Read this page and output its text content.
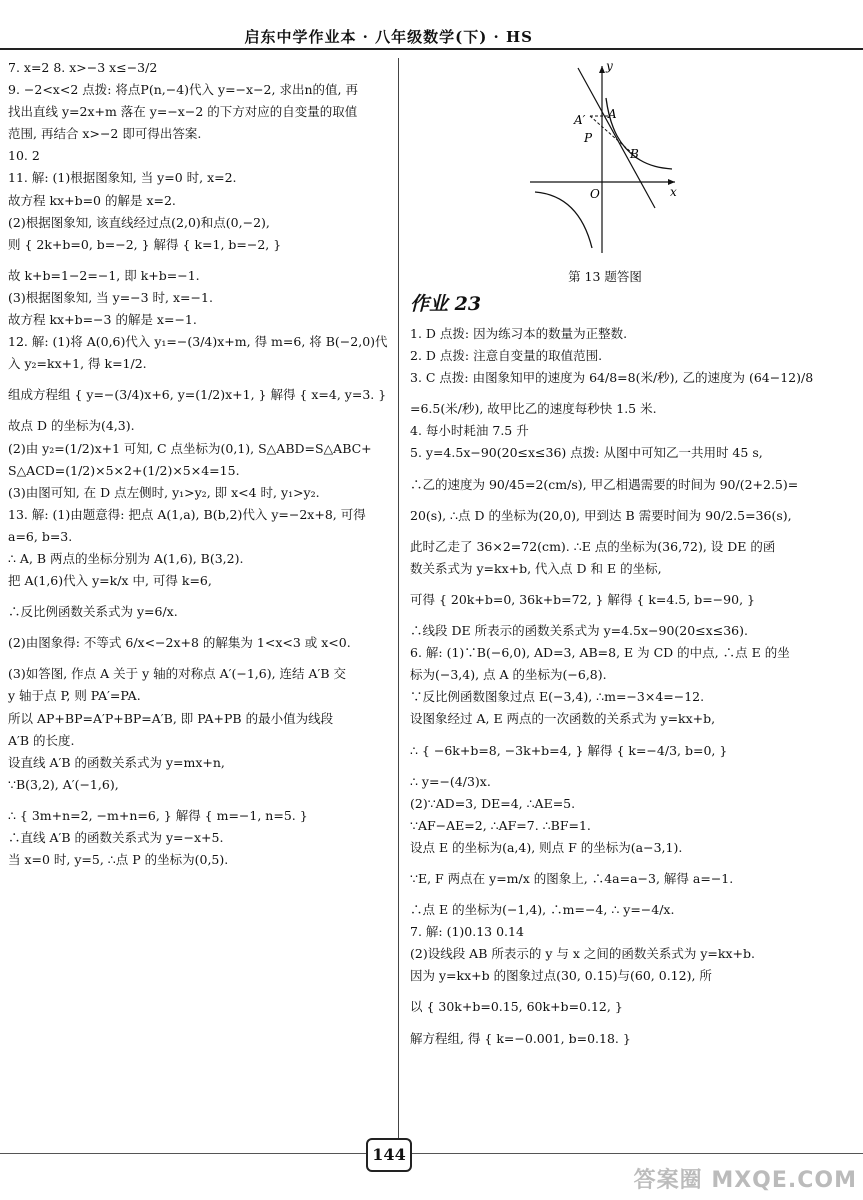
启东中学作业本 · 八年级数学(下) · HS
7. x=2 8. x>−3 x≤−3/2
9. −2<x<2 点拨: 将点P(n,−4)代入 y=−x−2, 求出n的值, 再
找出直线 y=2x+m 落在 y=−x−2 的下方对应的自变量的取值
范围, 再结合 x>−2 即可得出答案.
10. 2
11. 解: (1)根据图象知, 当 y=0 时, x=2.
故方程 kx+b=0 的解是 x=2.
(2)根据图象知, 该直线经过点(2,0)和点(0,−2),
则 { 2k+b=0, b=−2, } 解得 { k=1, b=−2, }
故 k+b=1−2=−1, 即 k+b=−1.
(3)根据图象知, 当 y=−3 时, x=−1.
故方程 kx+b=−3 的解是 x=−1.
12. 解: (1)将 A(0,6)代入 y₁=−(3/4)x+m, 得 m=6, 将 B(−2,0)代
入 y₂=kx+1, 得 k=1/2.
组成方程组 { y=−(3/4)x+6, y=(1/2)x+1, } 解得 { x=4, y=3. }
故点 D 的坐标为(4,3).
(2)由 y₂=(1/2)x+1 可知, C 点坐标为(0,1), S△ABD=S△ABC+
S△ACD=(1/2)×5×2+(1/2)×5×4=15.
(3)由图可知, 在 D 点左侧时, y₁>y₂, 即 x<4 时, y₁>y₂.
13. 解: (1)由题意得: 把点 A(1,a), B(b,2)代入 y=−2x+8, 可得
a=6, b=3.
∴ A, B 两点的坐标分别为 A(1,6), B(3,2).
把 A(1,6)代入 y=k/x 中, 可得 k=6,
∴反比例函数关系式为 y=6/x.
(2)由图象得: 不等式 6/x<−2x+8 的解集为 1<x<3 或 x<0.
(3)如答图, 作点 A 关于 y 轴的对称点 A′(−1,6), 连结 A′B 交
y 轴于点 P, 则 PA′=PA.
所以 AP+BP=A′P+BP=A′B, 即 PA+PB 的最小值为线段
A′B 的长度.
设直线 A′B 的函数关系式为 y=mx+n,
∵B(3,2), A′(−1,6),
∴ { 3m+n=2, −m+n=6, } 解得 { m=−1, n=5. }
∴直线 A′B 的函数关系式为 y=−x+5.
当 x=0 时, y=5, ∴点 P 的坐标为(0,5).
y
x
O
A
A′
P
B
第 13 题答图
作业 23
1. D 点拨: 因为练习本的数量为正整数.
2. D 点拨: 注意自变量的取值范围.
3. C 点拨: 由图象知甲的速度为 64/8=8(米/秒), 乙的速度为 (64−12)/8
=6.5(米/秒), 故甲比乙的速度每秒快 1.5 米.
4. 每小时耗油 7.5 升
5. y=4.5x−90(20≤x≤36) 点拨: 从图中可知乙一共用时 45 s,
∴乙的速度为 90/45=2(cm/s), 甲乙相遇需要的时间为 90/(2+2.5)=
20(s), ∴点 D 的坐标为(20,0), 甲到达 B 需要时间为 90/2.5=36(s),
此时乙走了 36×2=72(cm). ∴E 点的坐标为(36,72), 设 DE 的函
数关系式为 y=kx+b, 代入点 D 和 E 的坐标,
可得 { 20k+b=0, 36k+b=72, } 解得 { k=4.5, b=−90, }
∴线段 DE 所表示的函数关系式为 y=4.5x−90(20≤x≤36).
6. 解: (1)∵B(−6,0), AD=3, AB=8, E 为 CD 的中点, ∴点 E 的坐
标为(−3,4), 点 A 的坐标为(−6,8).
∵反比例函数图象过点 E(−3,4), ∴m=−3×4=−12.
设图象经过 A, E 两点的一次函数的关系式为 y=kx+b,
∴ { −6k+b=8, −3k+b=4, } 解得 { k=−4/3, b=0, }
∴ y=−(4/3)x.
(2)∵AD=3, DE=4, ∴AE=5.
∵AF−AE=2, ∴AF=7. ∴BF=1.
设点 E 的坐标为(a,4), 则点 F 的坐标为(a−3,1).
∵E, F 两点在 y=m/x 的图象上, ∴4a=a−3, 解得 a=−1.
∴点 E 的坐标为(−1,4), ∴m=−4, ∴ y=−4/x.
7. 解: (1)0.13 0.14
(2)设线段 AB 所表示的 y 与 x 之间的函数关系式为 y=kx+b.
因为 y=kx+b 的图象过点(30, 0.15)与(60, 0.12), 所
以 { 30k+b=0.15, 60k+b=0.12, }
解方程组, 得 { k=−0.001, b=0.18. }
144
答案圈 MXQE.COM
